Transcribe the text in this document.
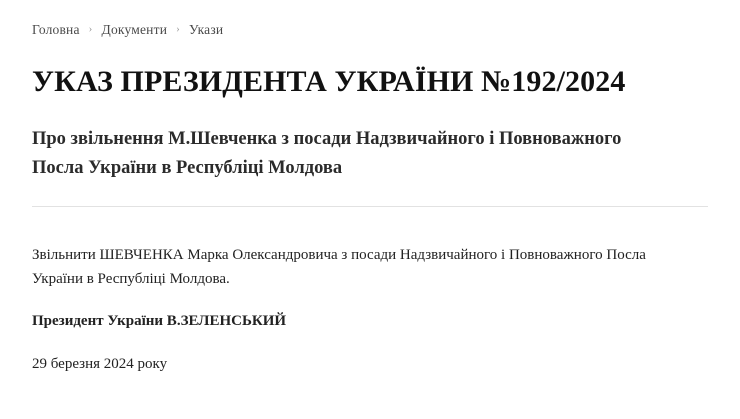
Головна › Документи › Укази
УКАЗ ПРЕЗИДЕНТА УКРАЇНИ №192/2024
Про звільнення М.Шевченка з посади Надзвичайного і Повноважного Посла України в Республіці Молдова

Звільнити ШЕВЧЕНКА Марка Олександровича з посади Надзвичайного і Повноважного Посла України в Республіці Молдова.

Президент України В.ЗЕЛЕНСЬКИЙ

29 березня 2024 року
